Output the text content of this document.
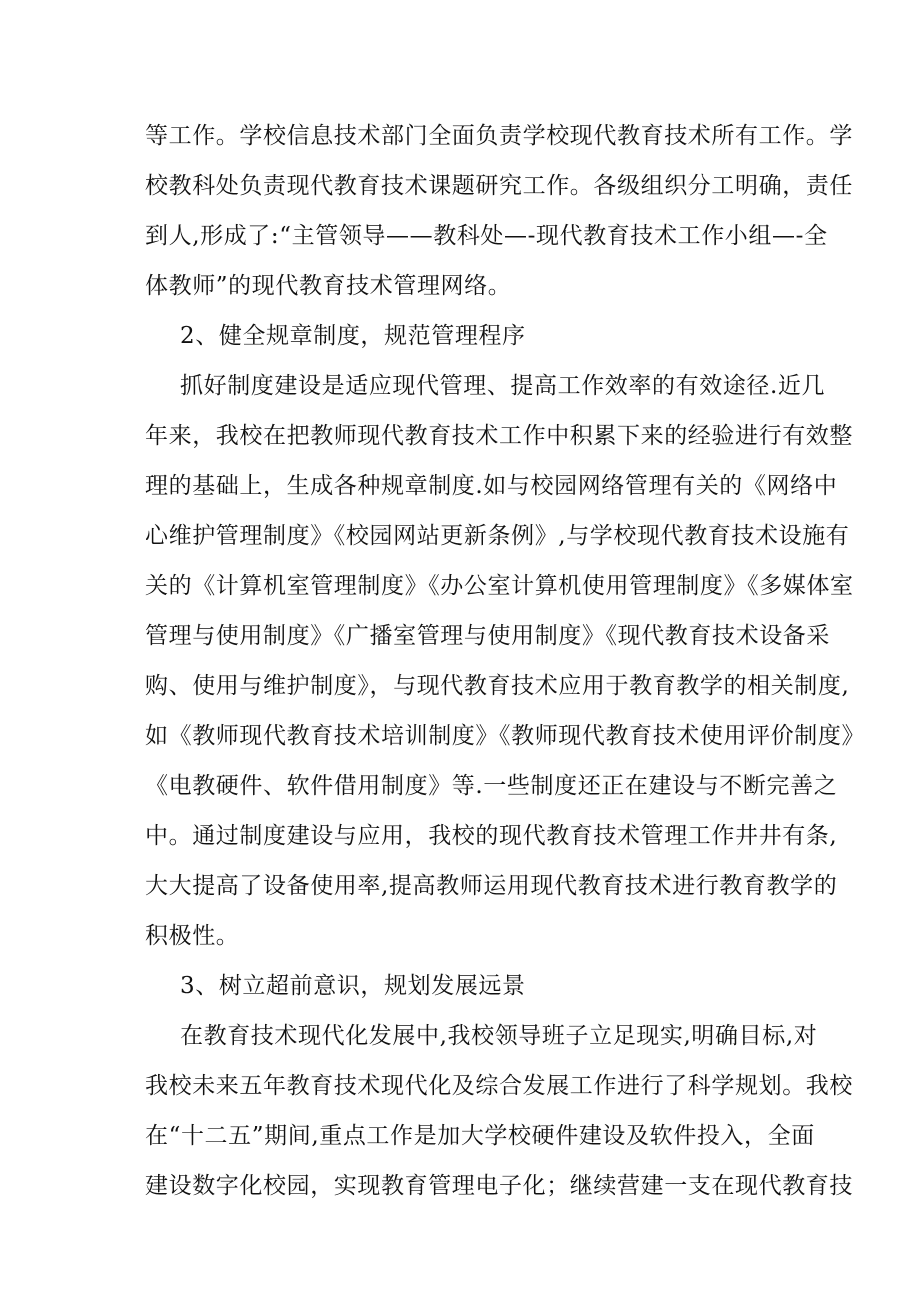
等工作。学校信息技术部门全面负责学校现代教育技术所有工作。学
校教科处负责现代教育技术课题研究工作。各级组织分工明确，责任
到人,形成了:“主管领导——教科处—-现代教育技术工作小组—-全
体教师”的现代教育技术管理网络。
2、健全规章制度，规范管理程序
抓好制度建设是适应现代管理、提高工作效率的有效途径.近几
年来，我校在把教师现代教育技术工作中积累下来的经验进行有效整
理的基础上，生成各种规章制度.如与校园网络管理有关的《网络中
心维护管理制度》《校园网站更新条例》,与学校现代教育技术设施有
关的《计算机室管理制度》《办公室计算机使用管理制度》《多媒体室
管理与使用制度》《广播室管理与使用制度》《现代教育技术设备采
购、使用与维护制度》，与现代教育技术应用于教育教学的相关制度,
如《教师现代教育技术培训制度》《教师现代教育技术使用评价制度》
《电教硬件、软件借用制度》等.一些制度还正在建设与不断完善之
中。通过制度建设与应用，我校的现代教育技术管理工作井井有条,
大大提高了设备使用率,提高教师运用现代教育技术进行教育教学的
积极性。
3、树立超前意识，规划发展远景
在教育技术现代化发展中,我校领导班子立足现实,明确目标,对
我校未来五年教育技术现代化及综合发展工作进行了科学规划。我校
在“十二五”期间,重点工作是加大学校硬件建设及软件投入，全面
建设数字化校园，实现教育管理电子化；继续营建一支在现代教育技
